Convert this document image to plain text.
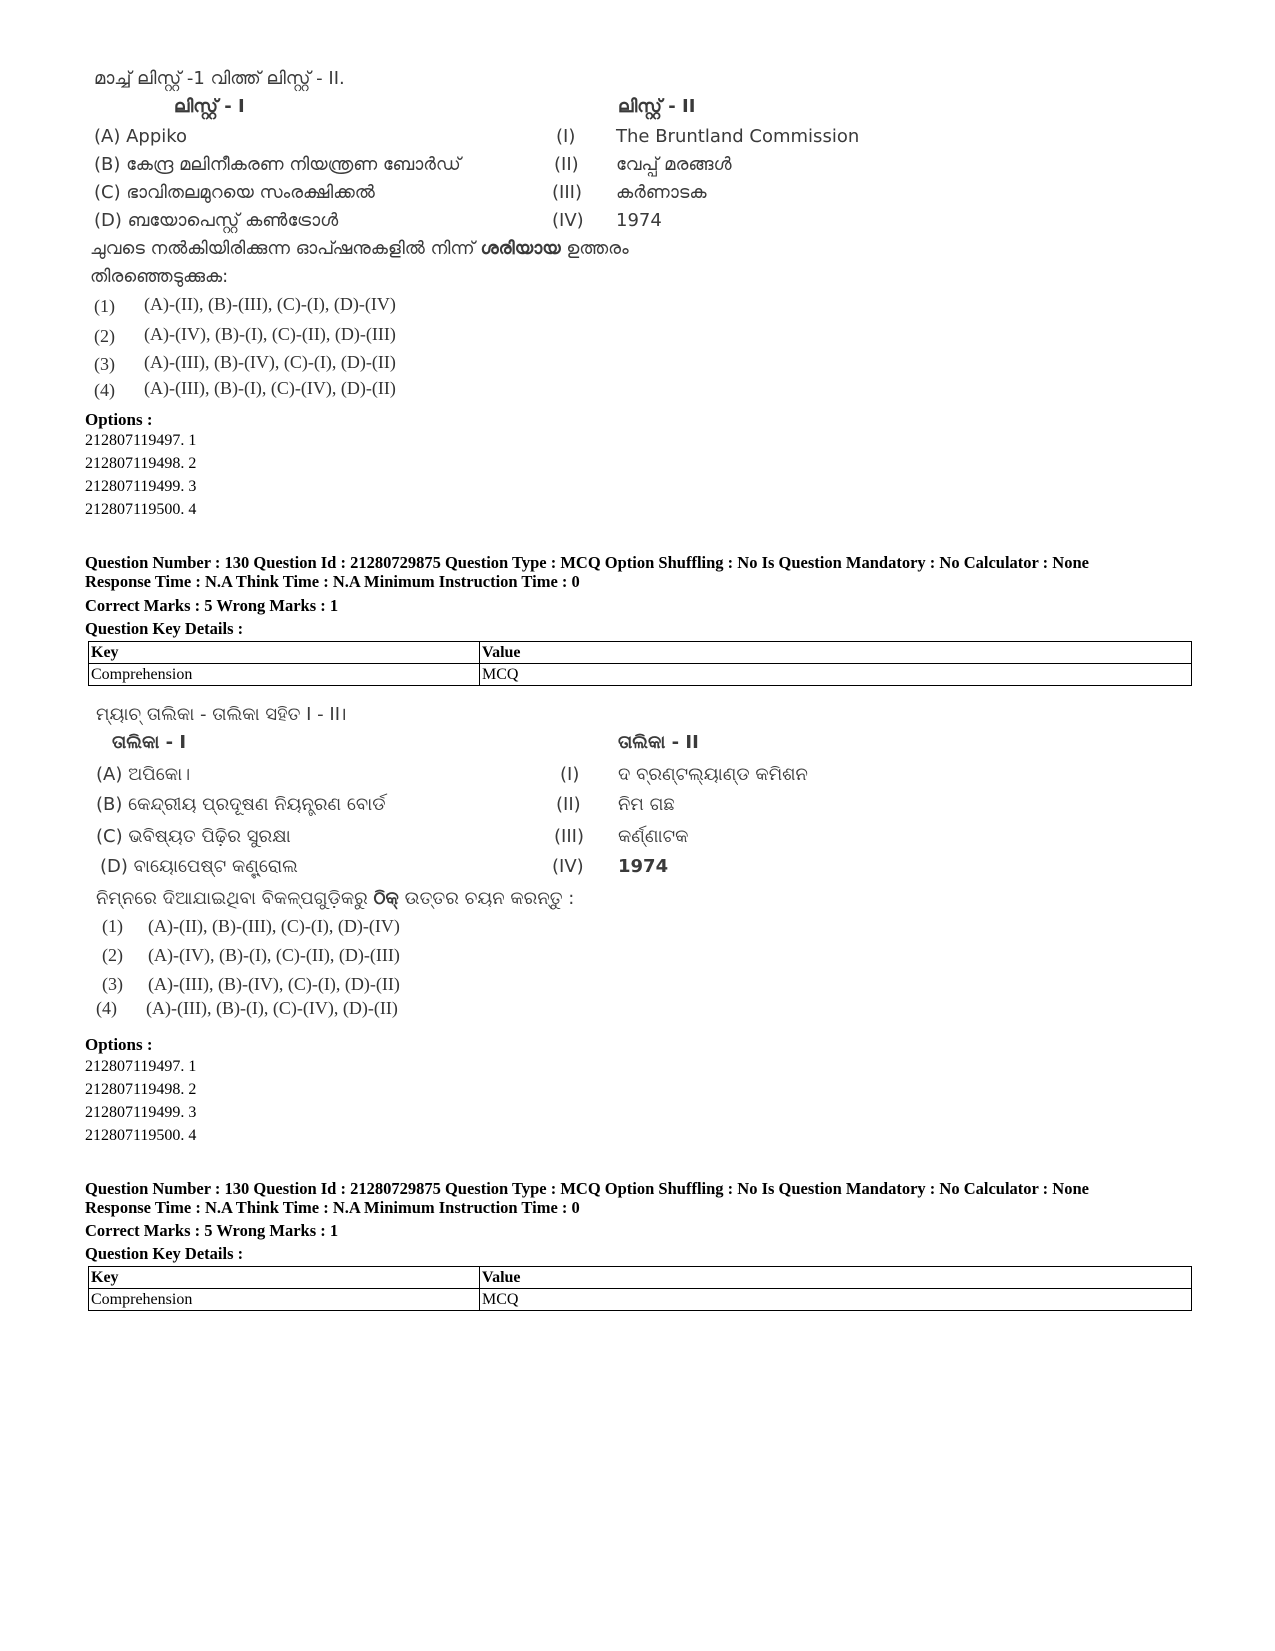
മാച്ച് ലിസ്റ്റ് -1 വിത്ത് ലിസ്റ്റ് - II.
ലിസ്റ്റ് - I	ലിസ്റ്റ് - II
(A) Appiko	(I) The Bruntland Commission
(B) കേന്ദ്ര മലിനീകരണ നിയന്ത്രണ ബോർഡ്	(II) വേപ്പ് മരങ്ങൾ
(C) ഭാവിതലമുറയെ സംരക്ഷിക്കൽ	(III) കർണാടക
(D) ബയോപെസ്റ്റ് കൺട്രോൾ	(IV) 1974
ചുവടെ നൽകിയിരിക്കുന്ന ഓപ്ഷനുകളിൽ നിന്ന് ശരിയായ ഉത്തരം
തിരഞ്ഞെടുക്കുക:
(1) (A)-(II), (B)-(III), (C)-(I), (D)-(IV)
(2) (A)-(IV), (B)-(I), (C)-(II), (D)-(III)
(3) (A)-(III), (B)-(IV), (C)-(I), (D)-(II)
(4) (A)-(III), (B)-(I), (C)-(IV), (D)-(II)
Options :
212807119497. 1
212807119498. 2
212807119499. 3
212807119500. 4
Question Number : 130 Question Id : 21280729875 Question Type : MCQ Option Shuffling : No Is Question Mandatory : No Calculator : None
Response Time : N.A Think Time : N.A Minimum Instruction Time : 0
Correct Marks : 5 Wrong Marks : 1
Question Key Details :
Key	Value
Comprehension	MCQ
ମ୍ୟାଚ୍ ତାଲିକା - ତାଲିକା ସହିତ I - II।
ତାଲିକା - I	ତାଲିକା - II
(A) ଅପିକୋ।	(I) ଦ ବ୍ରଣ୍ଟଲ୍ୟାଣ୍ଡ କମିଶନ
(B) କେନ୍ଦ୍ରୀୟ ପ୍ରଦୂଷଣ ନିୟନ୍ତ୍ରଣ ବୋର୍ଡ	(II) ନିମ ଗଛ
(C) ଭବିଷ୍ୟତ ପିଢ଼ିର ସୁରକ୍ଷା	(III) କର୍ଣ୍ଣାଟକ
(D) ବାୟୋପେଷ୍ଟ କଣ୍ଟ୍ରୋଲ	(IV) 1974
ନିମ୍ନରେ ଦିଆଯାଇଥିବା ବିକଳ୍ପଗୁଡ଼ିକରୁ ଠିକ୍ ଉତ୍ତର ଚୟନ କରନ୍ତୁ :
(1) (A)-(II), (B)-(III), (C)-(I), (D)-(IV)
(2) (A)-(IV), (B)-(I), (C)-(II), (D)-(III)
(3) (A)-(III), (B)-(IV), (C)-(I), (D)-(II)
(4) (A)-(III), (B)-(I), (C)-(IV), (D)-(II)
Options :
212807119497. 1
212807119498. 2
212807119499. 3
212807119500. 4
Question Number : 130 Question Id : 21280729875 Question Type : MCQ Option Shuffling : No Is Question Mandatory : No Calculator : None
Response Time : N.A Think Time : N.A Minimum Instruction Time : 0
Correct Marks : 5 Wrong Marks : 1
Question Key Details :
Key	Value
Comprehension	MCQ
